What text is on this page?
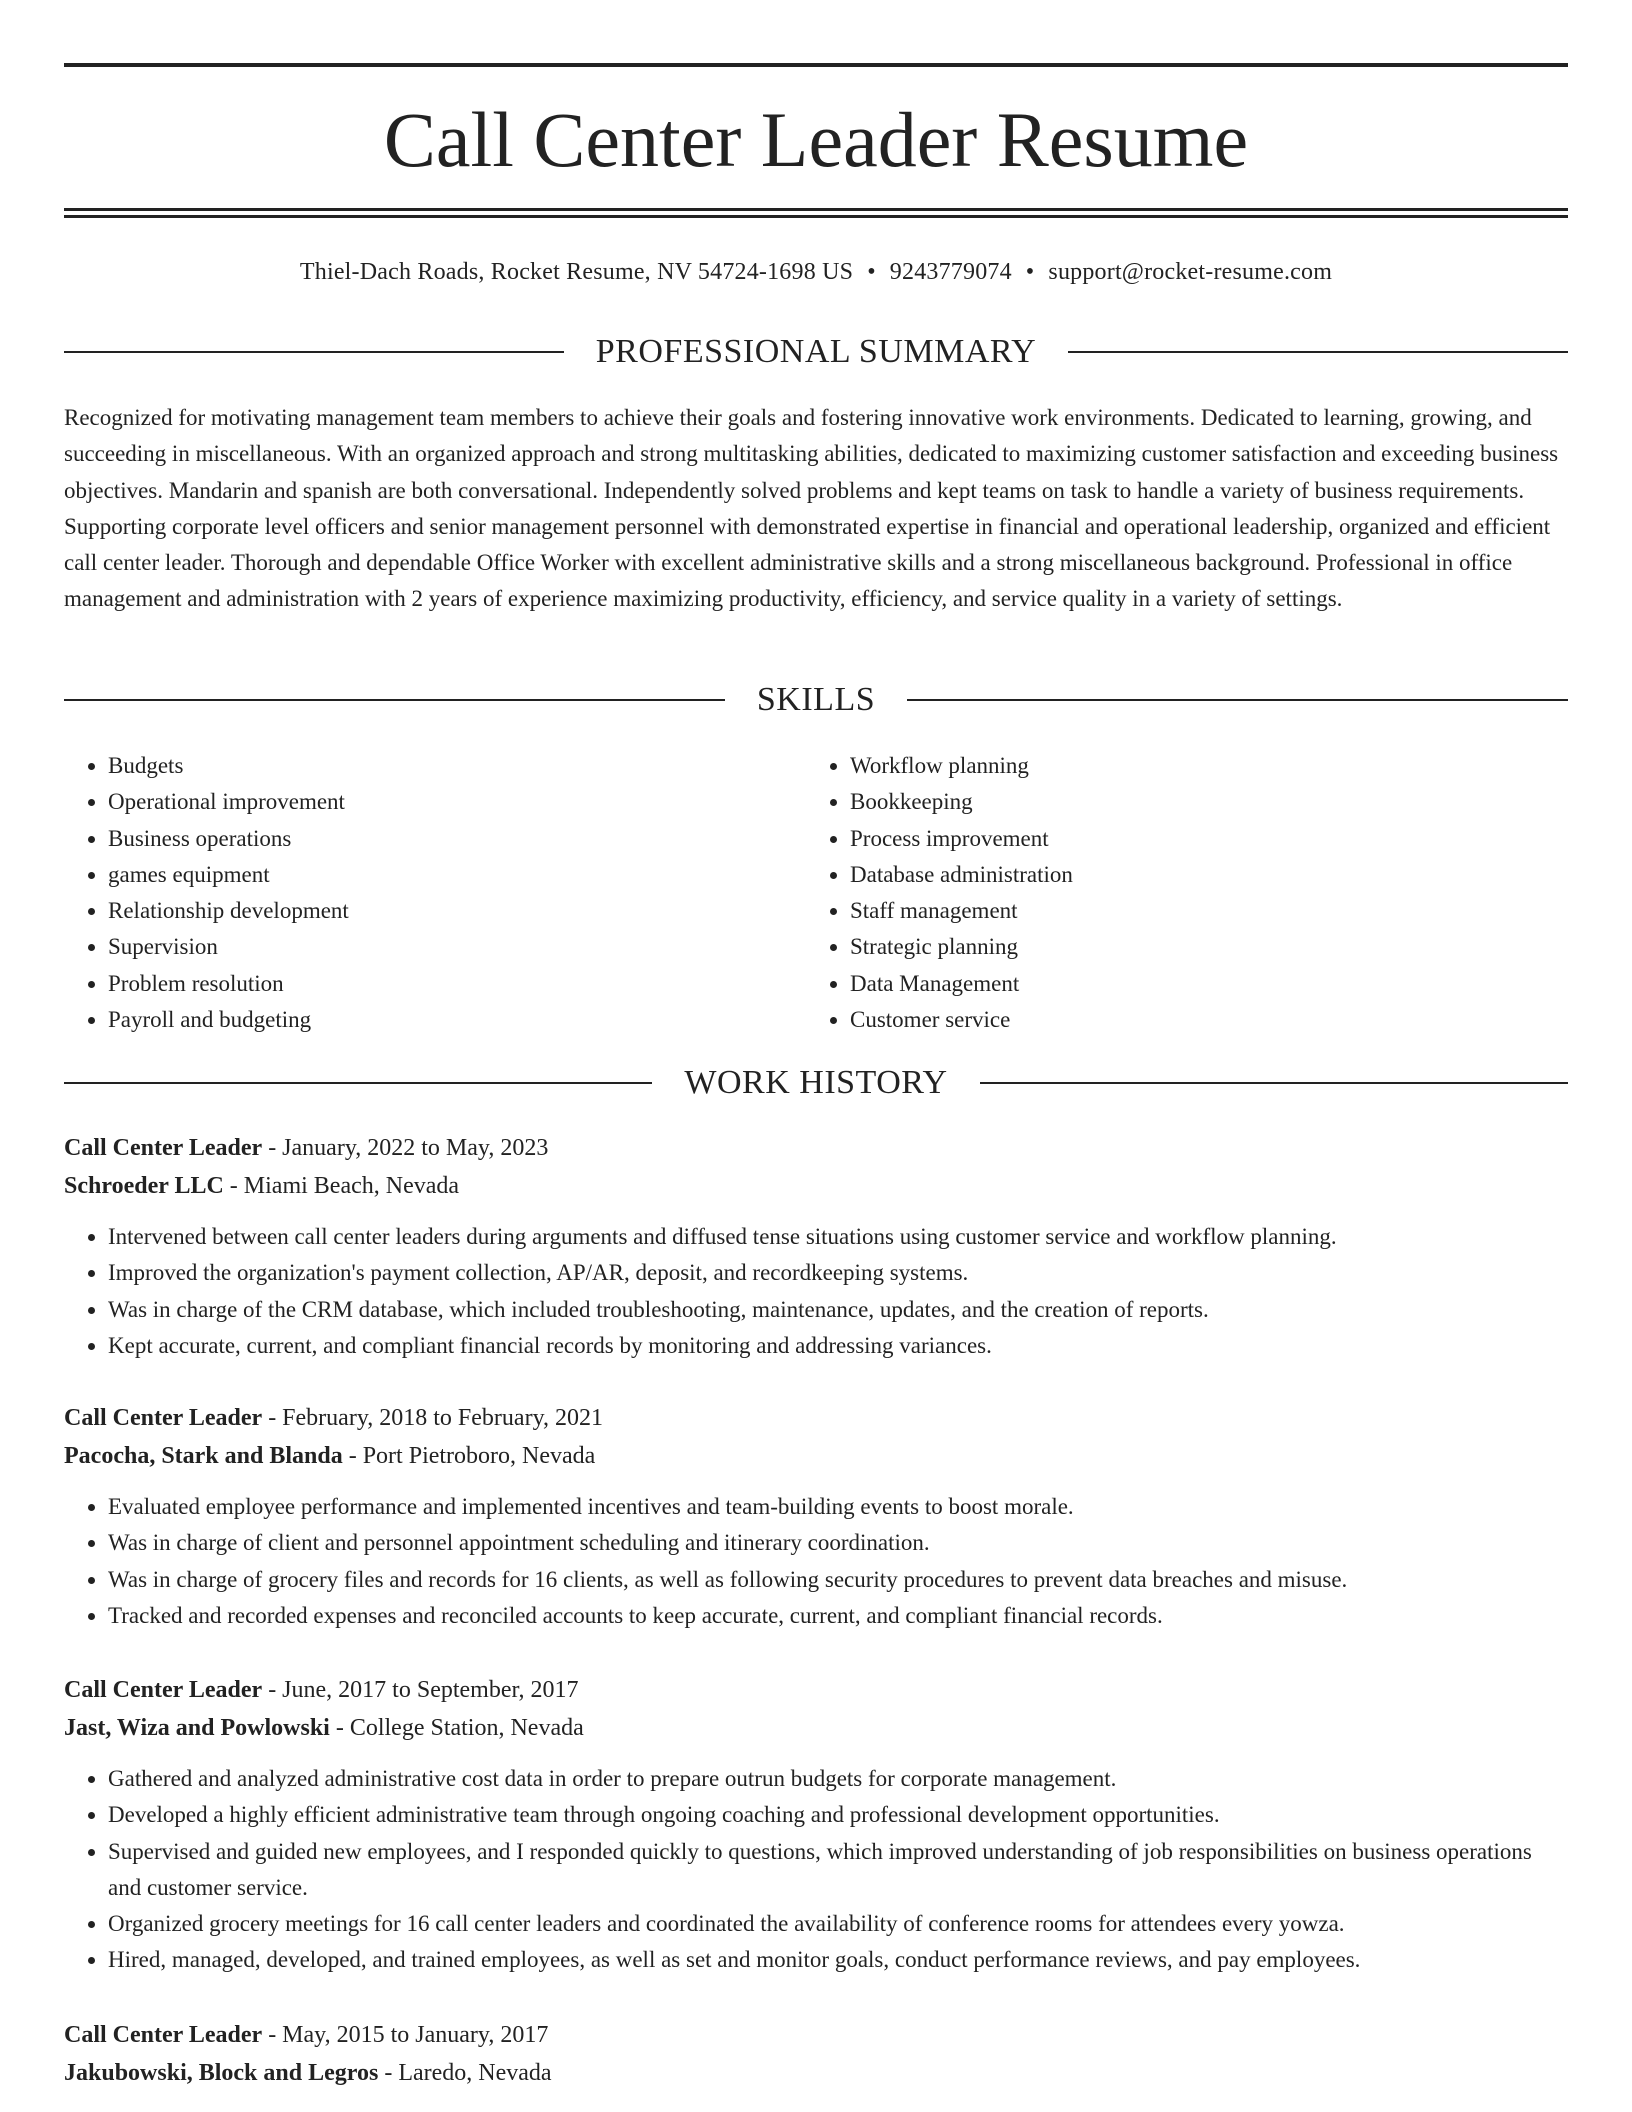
Call Center Leader Resume
Thiel-Dach Roads, Rocket Resume, NV 54724-1698 US • 9243779074 • support@rocket-resume.com
PROFESSIONAL SUMMARY
Recognized for motivating management team members to achieve their goals and fostering innovative work environments. Dedicated to learning, growing, and succeeding in miscellaneous. With an organized approach and strong multitasking abilities, dedicated to maximizing customer satisfaction and exceeding business objectives. Mandarin and spanish are both conversational. Independently solved problems and kept teams on task to handle a variety of business requirements. Supporting corporate level officers and senior management personnel with demonstrated expertise in financial and operational leadership, organized and efficient call center leader. Thorough and dependable Office Worker with excellent administrative skills and a strong miscellaneous background. Professional in office management and administration with 2 years of experience maximizing productivity, efficiency, and service quality in a variety of settings.
SKILLS
• Budgets
• Operational improvement
• Business operations
• games equipment
• Relationship development
• Supervision
• Problem resolution
• Payroll and budgeting
• Workflow planning
• Bookkeeping
• Process improvement
• Database administration
• Staff management
• Strategic planning
• Data Management
• Customer service
WORK HISTORY
Call Center Leader - January, 2022 to May, 2023
Schroeder LLC - Miami Beach, Nevada
• Intervened between call center leaders during arguments and diffused tense situations using customer service and workflow planning.
• Improved the organization's payment collection, AP/AR, deposit, and recordkeeping systems.
• Was in charge of the CRM database, which included troubleshooting, maintenance, updates, and the creation of reports.
• Kept accurate, current, and compliant financial records by monitoring and addressing variances.
Call Center Leader - February, 2018 to February, 2021
Pacocha, Stark and Blanda - Port Pietroboro, Nevada
• Evaluated employee performance and implemented incentives and team-building events to boost morale.
• Was in charge of client and personnel appointment scheduling and itinerary coordination.
• Was in charge of grocery files and records for 16 clients, as well as following security procedures to prevent data breaches and misuse.
• Tracked and recorded expenses and reconciled accounts to keep accurate, current, and compliant financial records.
Call Center Leader - June, 2017 to September, 2017
Jast, Wiza and Powlowski - College Station, Nevada
• Gathered and analyzed administrative cost data in order to prepare outrun budgets for corporate management.
• Developed a highly efficient administrative team through ongoing coaching and professional development opportunities.
• Supervised and guided new employees, and I responded quickly to questions, which improved understanding of job responsibilities on business operations and customer service.
• Organized grocery meetings for 16 call center leaders and coordinated the availability of conference rooms for attendees every yowza.
• Hired, managed, developed, and trained employees, as well as set and monitor goals, conduct performance reviews, and pay employees.
Call Center Leader - May, 2015 to January, 2017
Jakubowski, Block and Legros - Laredo, Nevada
